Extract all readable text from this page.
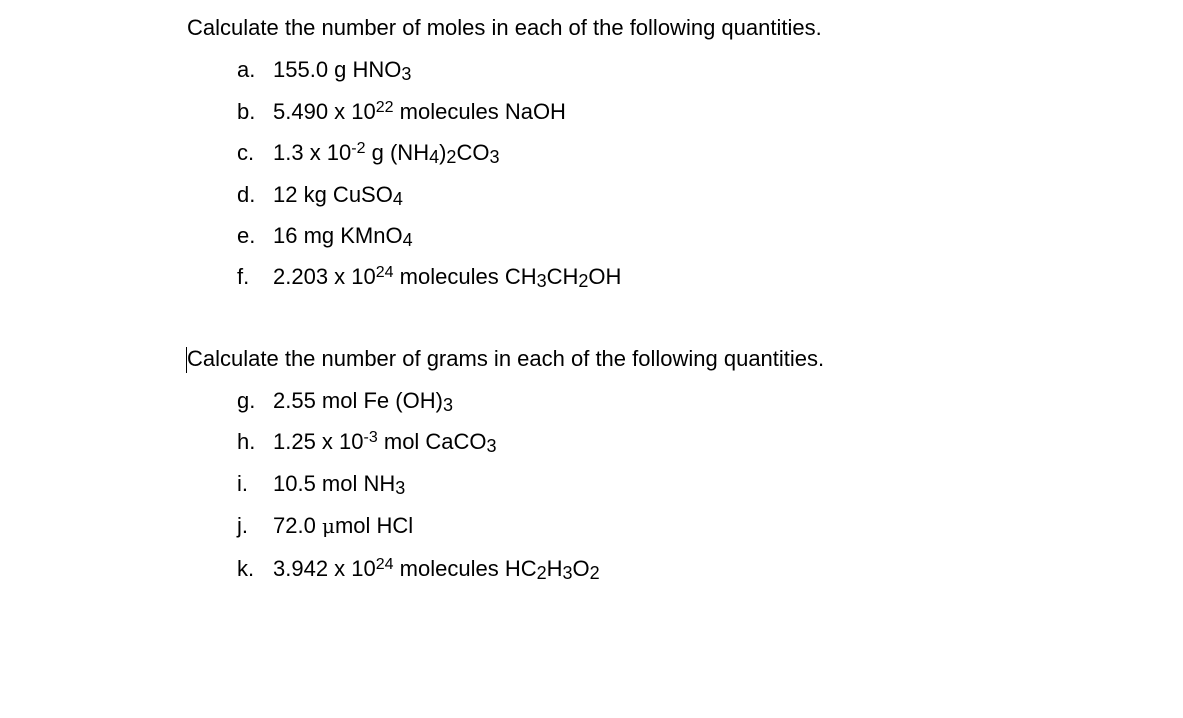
Calculate the number of moles in each of the following quantities.
a. 155.0 g HNO3
b. 5.490 x $10^{22}$ molecules NaOH
c. 1.3 x $10^{-2}$ g (NH4)2CO3
d. 12 kg CuSO4
e. 16 mg KMnO4
f. 2.203 x $10^{24}$ molecules CH3CH2OH
Calculate the number of grams in each of the following quantities.
g. 2.55 mol Fe (OH)3
h. 1.25 x $10^{-3}$ mol CaCO3
i. 10.5 mol NH3
j. 72.0 μmol HCl
k. 3.942 x $10^{24}$ molecules HC2H3O2
